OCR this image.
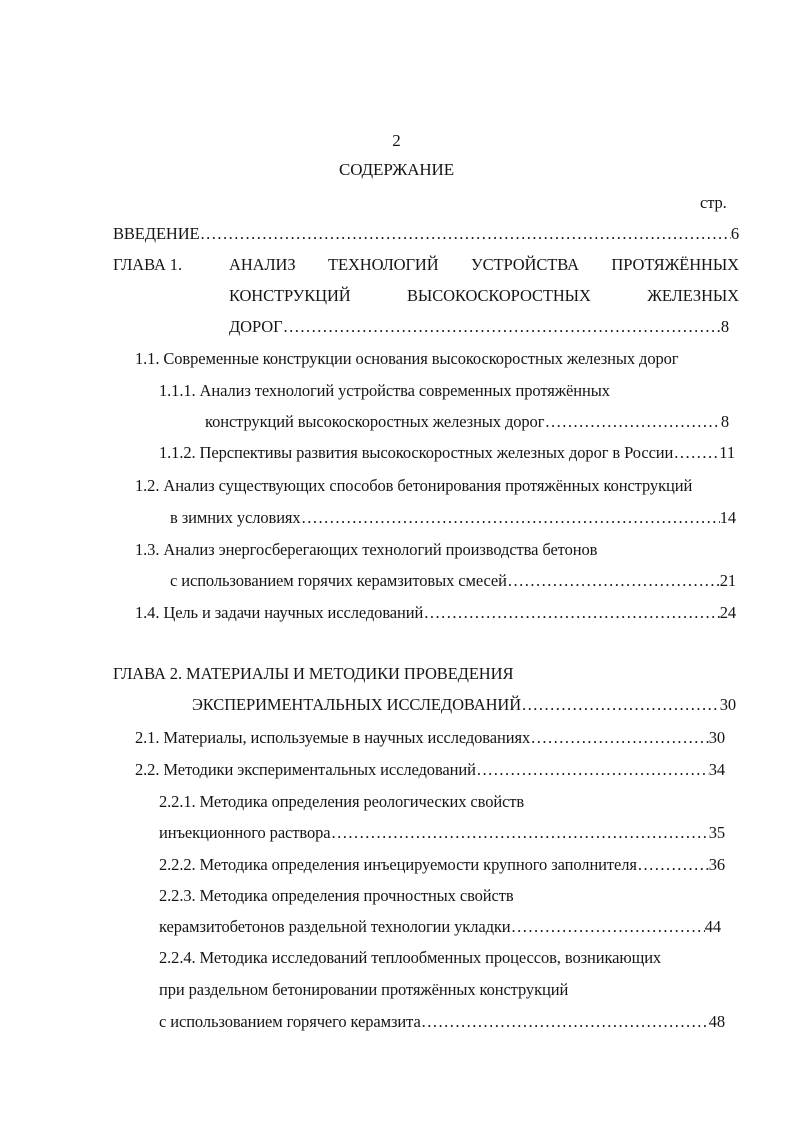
2
СОДЕРЖАНИЕ
стр.
ВВЕДЕНИЕ .....	6
ГЛАВА 1.	АНАЛИЗ ТЕХНОЛОГИЙ УСТРОЙСТВА ПРОТЯЖЁННЫХ
КОНСТРУКЦИЙ	ВЫСОКОСКОРОСТНЫХ	ЖЕЛЕЗНЫХ
ДОРОГ .....	8
1.1. Современные конструкции основания высокоскоростных железных дорог
1.1.1. Анализ технологий устройства современных протяжённых
конструкций высокоскоростных железных дорог .....	8
1.1.2. Перспективы развития высокоскоростных железных дорог в России .....	11
1.2. Анализ существующих способов бетонирования протяжённых конструкций
в зимних условиях .....	14
1.3. Анализ энергосберегающих технологий производства бетонов
с использованием горячих керамзитовых смесей .....	21
1.4. Цель и задачи научных исследований .....	24
ГЛАВА 2. МАТЕРИАЛЫ И МЕТОДИКИ ПРОВЕДЕНИЯ
ЭКСПЕРИМЕНТАЛЬНЫХ ИССЛЕДОВАНИЙ .....	30
2.1. Материалы, используемые в научных исследованиях .....	30
2.2. Методики экспериментальных исследований .....	34
2.2.1. Методика определения реологических свойств
инъекционного раствора .....	35
2.2.2. Методика определения инъецируемости крупного заполнителя .....	36
2.2.3. Методика определения прочностных свойств
керамзитобетонов раздельной технологии укладки .....	44
2.2.4. Методика исследований теплообменных процессов, возникающих
при раздельном бетонировании протяжённых конструкций
с использованием горячего керамзита .....	48
